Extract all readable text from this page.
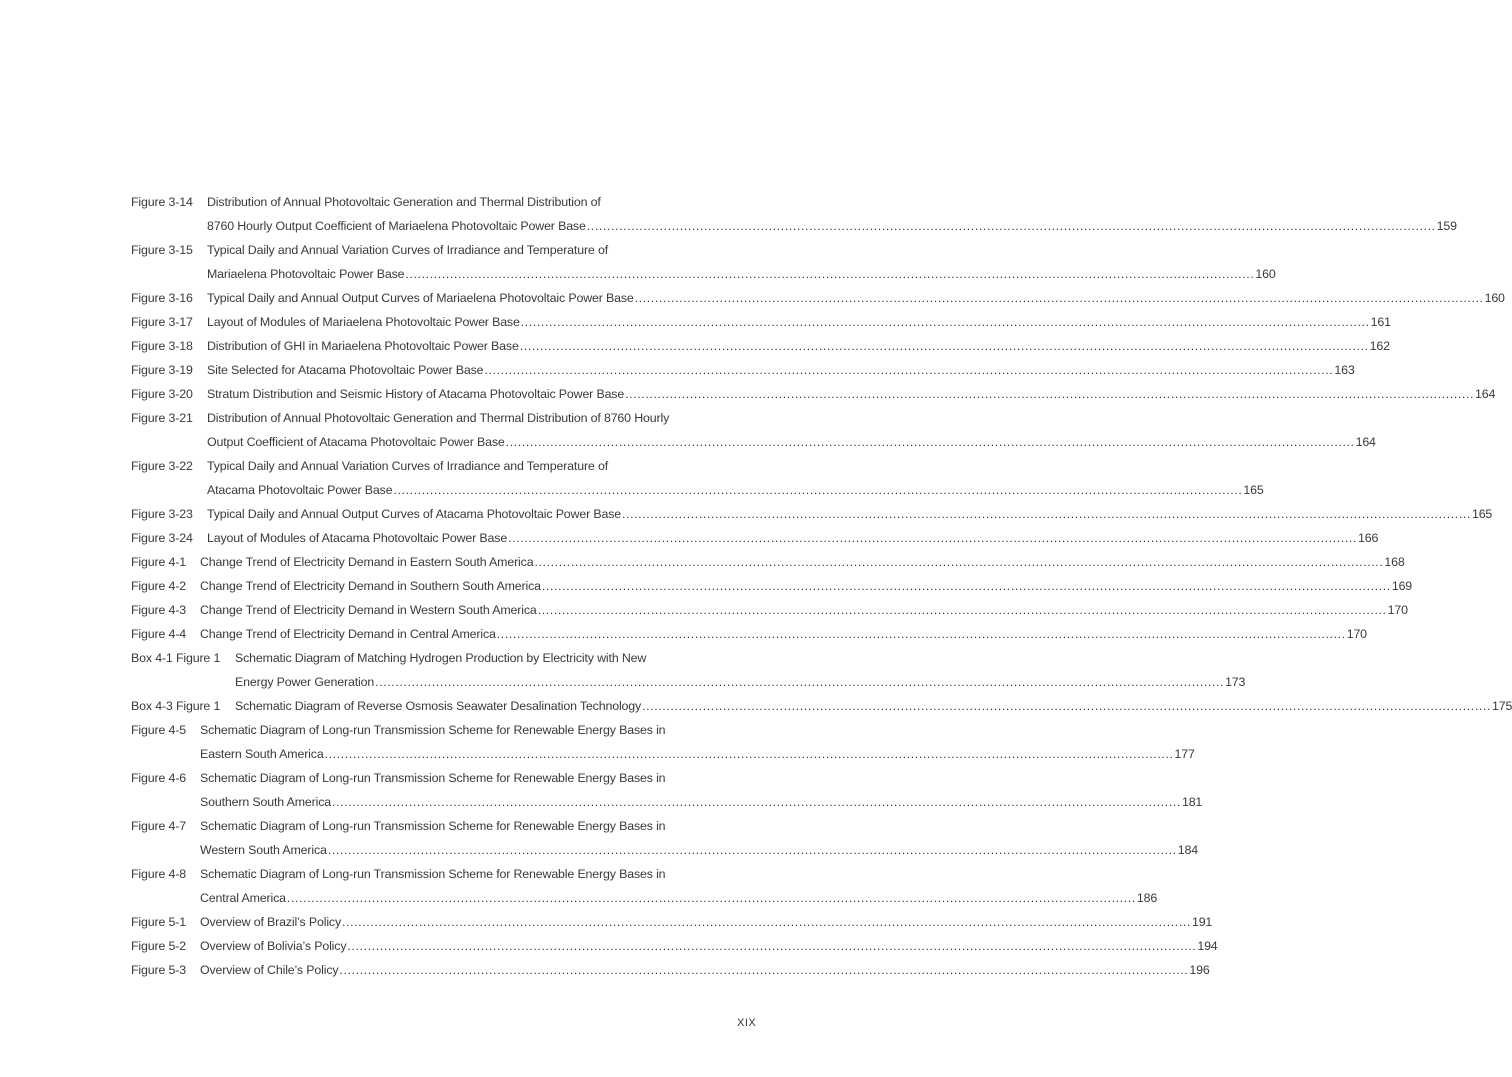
Figure 3-14 Distribution of Annual Photovoltaic Generation and Thermal Distribution of
8760 Hourly Output Coefficient of Mariaelena Photovoltaic Power Base .................................................................................................................................................................................................................. 159
Figure 3-15 Typical Daily and Annual Variation Curves of Irradiance and Temperature of
Mariaelena Photovoltaic Power Base .................................................................................................................................................................................................................. 160
Figure 3-16 Typical Daily and Annual Output Curves of Mariaelena Photovoltaic Power Base .................................................................................................................................................................................................................. 160
Figure 3-17 Layout of Modules of Mariaelena Photovoltaic Power Base .................................................................................................................................................................................................................. 161
Figure 3-18 Distribution of GHI in Mariaelena Photovoltaic Power Base .................................................................................................................................................................................................................. 162
Figure 3-19 Site Selected for Atacama Photovoltaic Power Base .................................................................................................................................................................................................................. 163
Figure 3-20 Stratum Distribution and Seismic History of Atacama Photovoltaic Power Base .................................................................................................................................................................................................................. 164
Figure 3-21 Distribution of Annual Photovoltaic Generation and Thermal Distribution of 8760 Hourly
Output Coefficient of Atacama Photovoltaic Power Base .................................................................................................................................................................................................................. 164
Figure 3-22 Typical Daily and Annual Variation Curves of Irradiance and Temperature of
Atacama Photovoltaic Power Base .................................................................................................................................................................................................................. 165
Figure 3-23 Typical Daily and Annual Output Curves of Atacama Photovoltaic Power Base .................................................................................................................................................................................................................. 165
Figure 3-24 Layout of Modules of Atacama Photovoltaic Power Base .................................................................................................................................................................................................................. 166
Figure 4-1 Change Trend of Electricity Demand in Eastern South America .................................................................................................................................................................................................................. 168
Figure 4-2 Change Trend of Electricity Demand in Southern South America .................................................................................................................................................................................................................. 169
Figure 4-3 Change Trend of Electricity Demand in Western South America .................................................................................................................................................................................................................. 170
Figure 4-4 Change Trend of Electricity Demand in Central America .................................................................................................................................................................................................................. 170
Box 4-1 Figure 1 Schematic Diagram of Matching Hydrogen Production by Electricity with New
Energy Power Generation .................................................................................................................................................................................................................. 173
Box 4-3 Figure 1 Schematic Diagram of Reverse Osmosis Seawater Desalination Technology .................................................................................................................................................................................................................. 175
Figure 4-5 Schematic Diagram of Long-run Transmission Scheme for Renewable Energy Bases in
Eastern South America .................................................................................................................................................................................................................. 177
Figure 4-6 Schematic Diagram of Long-run Transmission Scheme for Renewable Energy Bases in
Southern South America .................................................................................................................................................................................................................. 181
Figure 4-7 Schematic Diagram of Long-run Transmission Scheme for Renewable Energy Bases in
Western South America .................................................................................................................................................................................................................. 184
Figure 4-8 Schematic Diagram of Long-run Transmission Scheme for Renewable Energy Bases in
Central America .................................................................................................................................................................................................................. 186
Figure 5-1 Overview of Brazil’s Policy .................................................................................................................................................................................................................. 191
Figure 5-2 Overview of Bolivia’s Policy .................................................................................................................................................................................................................. 194
Figure 5-3 Overview of Chile’s Policy .................................................................................................................................................................................................................. 196
XIX
